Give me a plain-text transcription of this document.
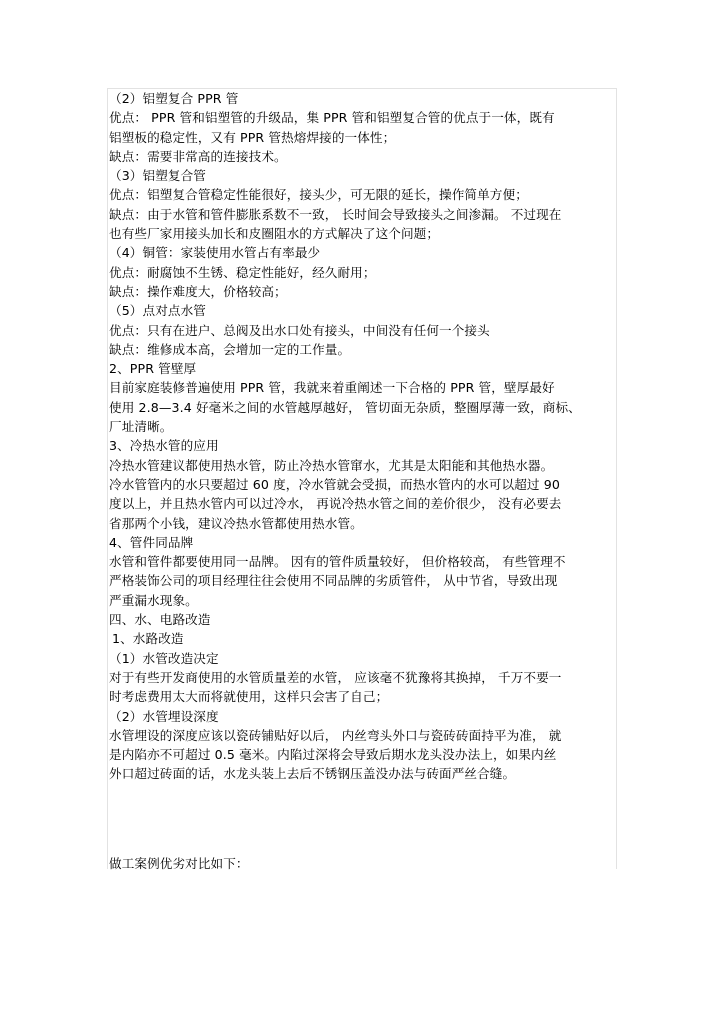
（2）铝塑复合 PPR 管
优点： PPR 管和铝塑管的升级品，集 PPR 管和铝塑复合管的优点于一体，既有
铝塑板的稳定性，又有 PPR 管热熔焊接的一体性；
缺点：需要非常高的连接技术。
（3）铝塑复合管
优点：铝塑复合管稳定性能很好，接头少，可无限的延长，操作简单方便；
缺点：由于水管和管件膨胀系数不一致， 长时间会导致接头之间渗漏。 不过现在
也有些厂家用接头加长和皮圈阻水的方式解决了这个问题；
（4）铜管：家装使用水管占有率最少
优点：耐腐蚀不生锈、稳定性能好，经久耐用；
缺点：操作难度大，价格较高；
（5）点对点水管
优点：只有在进户、总阀及出水口处有接头，中间没有任何一个接头
缺点：维修成本高，会增加一定的工作量。
2、PPR 管壁厚
目前家庭装修普遍使用 PPR 管，我就来着重阐述一下合格的 PPR 管，壁厚最好
使用 2.8—3.4 好毫米之间的水管越厚越好， 管切面无杂质，整圈厚薄一致，商标、
厂址清晰。
3、冷热水管的应用
冷热水管建议都使用热水管，防止冷热水管窜水，尤其是太阳能和其他热水器。
冷水管管内的水只要超过 60 度，冷水管就会受损，而热水管内的水可以超过 90
度以上，并且热水管内可以过冷水， 再说冷热水管之间的差价很少， 没有必要去
省那两个小钱，建议冷热水管都使用热水管。
4、管件同品牌
水管和管件都要使用同一品牌。 因有的管件质量较好， 但价格较高， 有些管理不
严格装饰公司的项目经理往往会使用不同品牌的劣质管件， 从中节省，导致出现
严重漏水现象。
四、水、电路改造
1、水路改造
（1）水管改造决定
对于有些开发商使用的水管质量差的水管， 应该毫不犹豫将其换掉， 千万不要一
时考虑费用太大而将就使用，这样只会害了自己；
（2）水管埋设深度
水管埋设的深度应该以瓷砖铺贴好以后， 内丝弯头外口与瓷砖砖面持平为准， 就
是内陷亦不可超过 0.5 毫米。内陷过深将会导致后期水龙头没办法上，如果内丝
外口超过砖面的话，水龙头装上去后不锈钢压盖没办法与砖面严丝合缝。
做工案例优劣对比如下：
